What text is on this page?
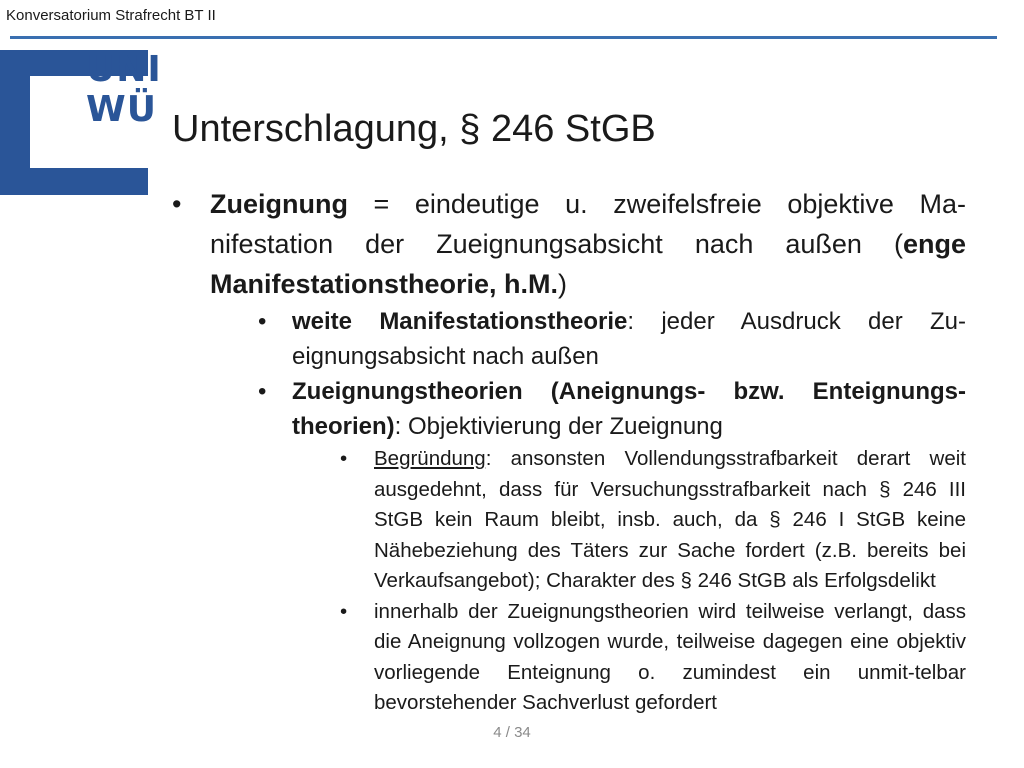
Konversatorium Strafrecht BT II
UNI
WÜ Unterschlagung, § 246 StGB
• Zueignung = eindeutige u. zweifelsfreie objektive Ma-nifestation der Zueignungsabsicht nach außen (enge Manifestationstheorie, h.M.)
• weite Manifestationstheorie: jeder Ausdruck der Zu-eignungsabsicht nach außen
• Zueignungstheorien (Aneignungs- bzw. Enteignungs-theorien): Objektivierung der Zueignung
• Begründung: ansonsten Vollendungsstrafbarkeit derart weit ausgedehnt, dass für Versuchungsstrafbarkeit nach § 246 III StGB kein Raum bleibt, insb. auch, da § 246 I StGB keine Nähebeziehung des Täters zur Sache fordert (z.B. bereits bei Verkaufsangebot); Charakter des § 246 StGB als Erfolgsdelikt
• innerhalb der Zueignungstheorien wird teilweise verlangt, dass die Aneignung vollzogen wurde, teilweise dagegen eine objektiv vorliegende Enteignung o. zumindest ein unmit-telbar bevorstehender Sachverlust gefordert
4 / 34
